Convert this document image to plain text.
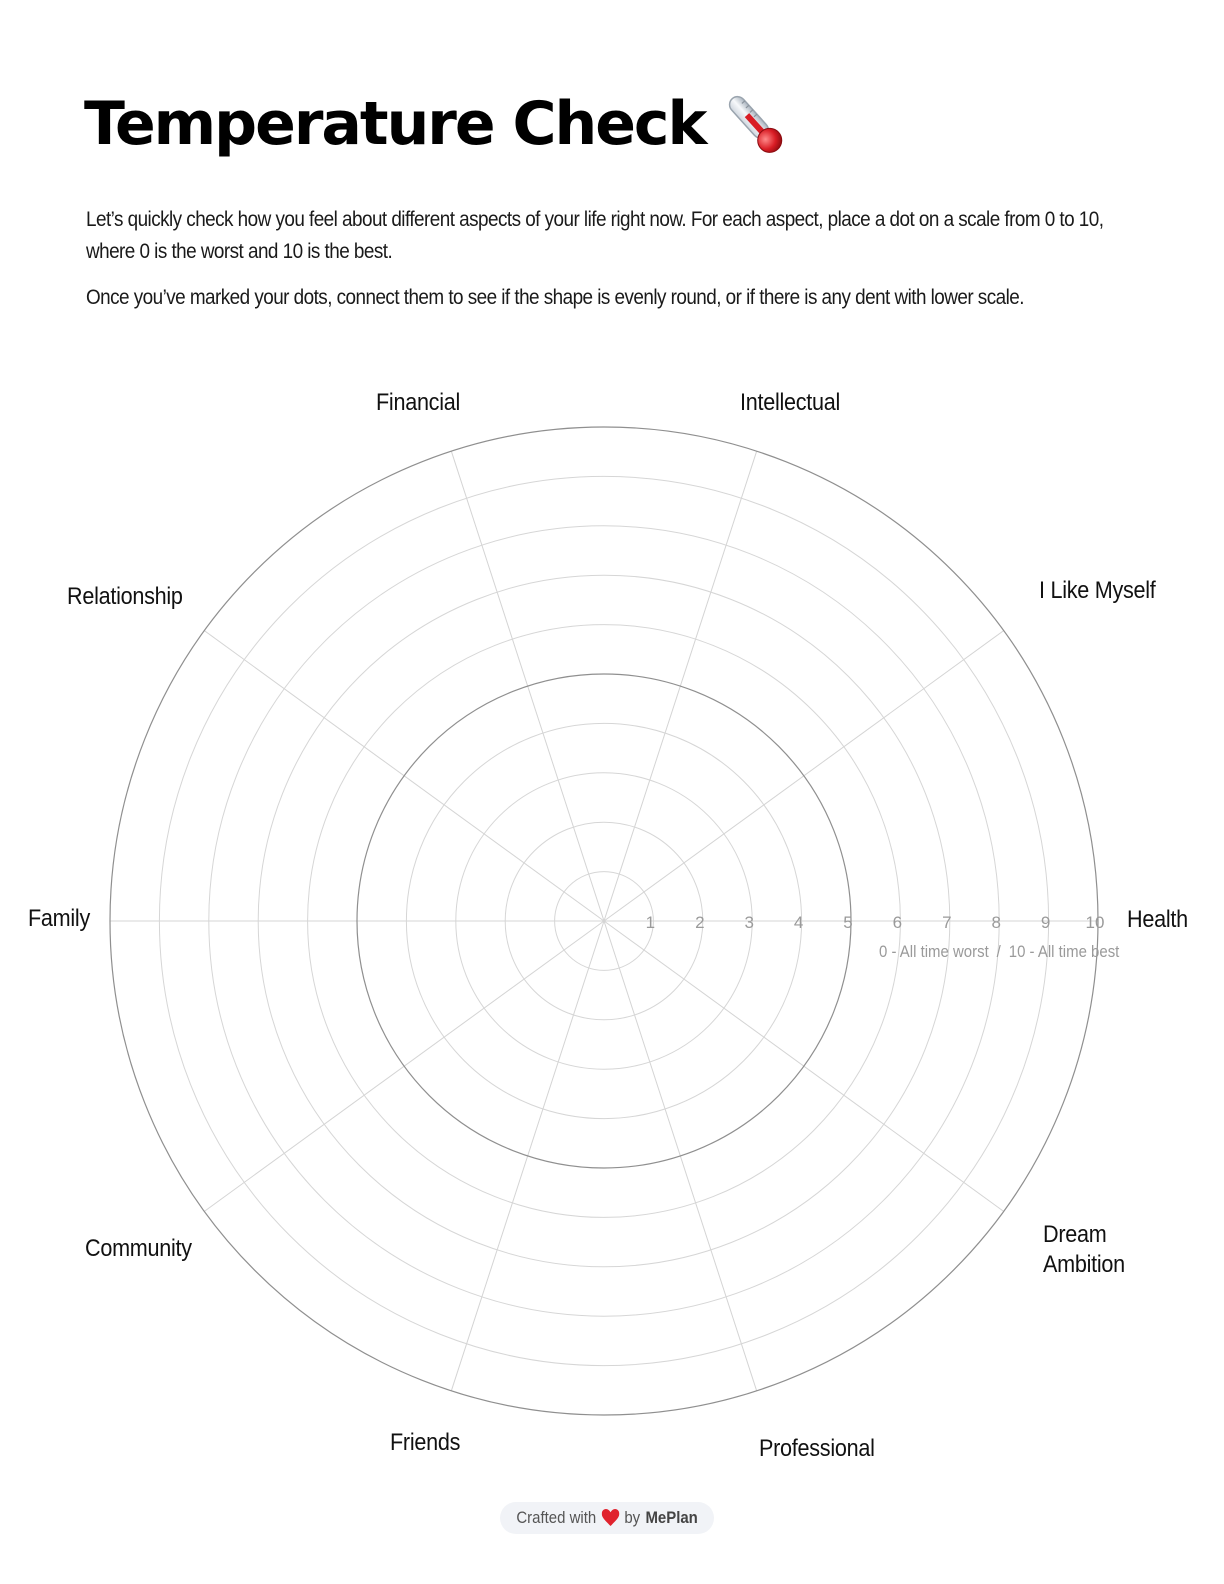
Temperature Check

Let’s quickly check how you feel about different aspects of your life right now. For each aspect, place a dot on a scale from 0 to 10, where 0 is the worst and 10 is the best.

Once you’ve marked your dots, connect them to see if the shape is evenly round, or if there is any dent with lower scale.

1 2 3 4 5 6 7 8 9 10 Health
Dream
Ambition
Professional
Friends
Community
Family
Relationship
Financial	Intellectual
I Like Myself
0 - All time worst / 10 - All time best
Crafted with by MePlan
